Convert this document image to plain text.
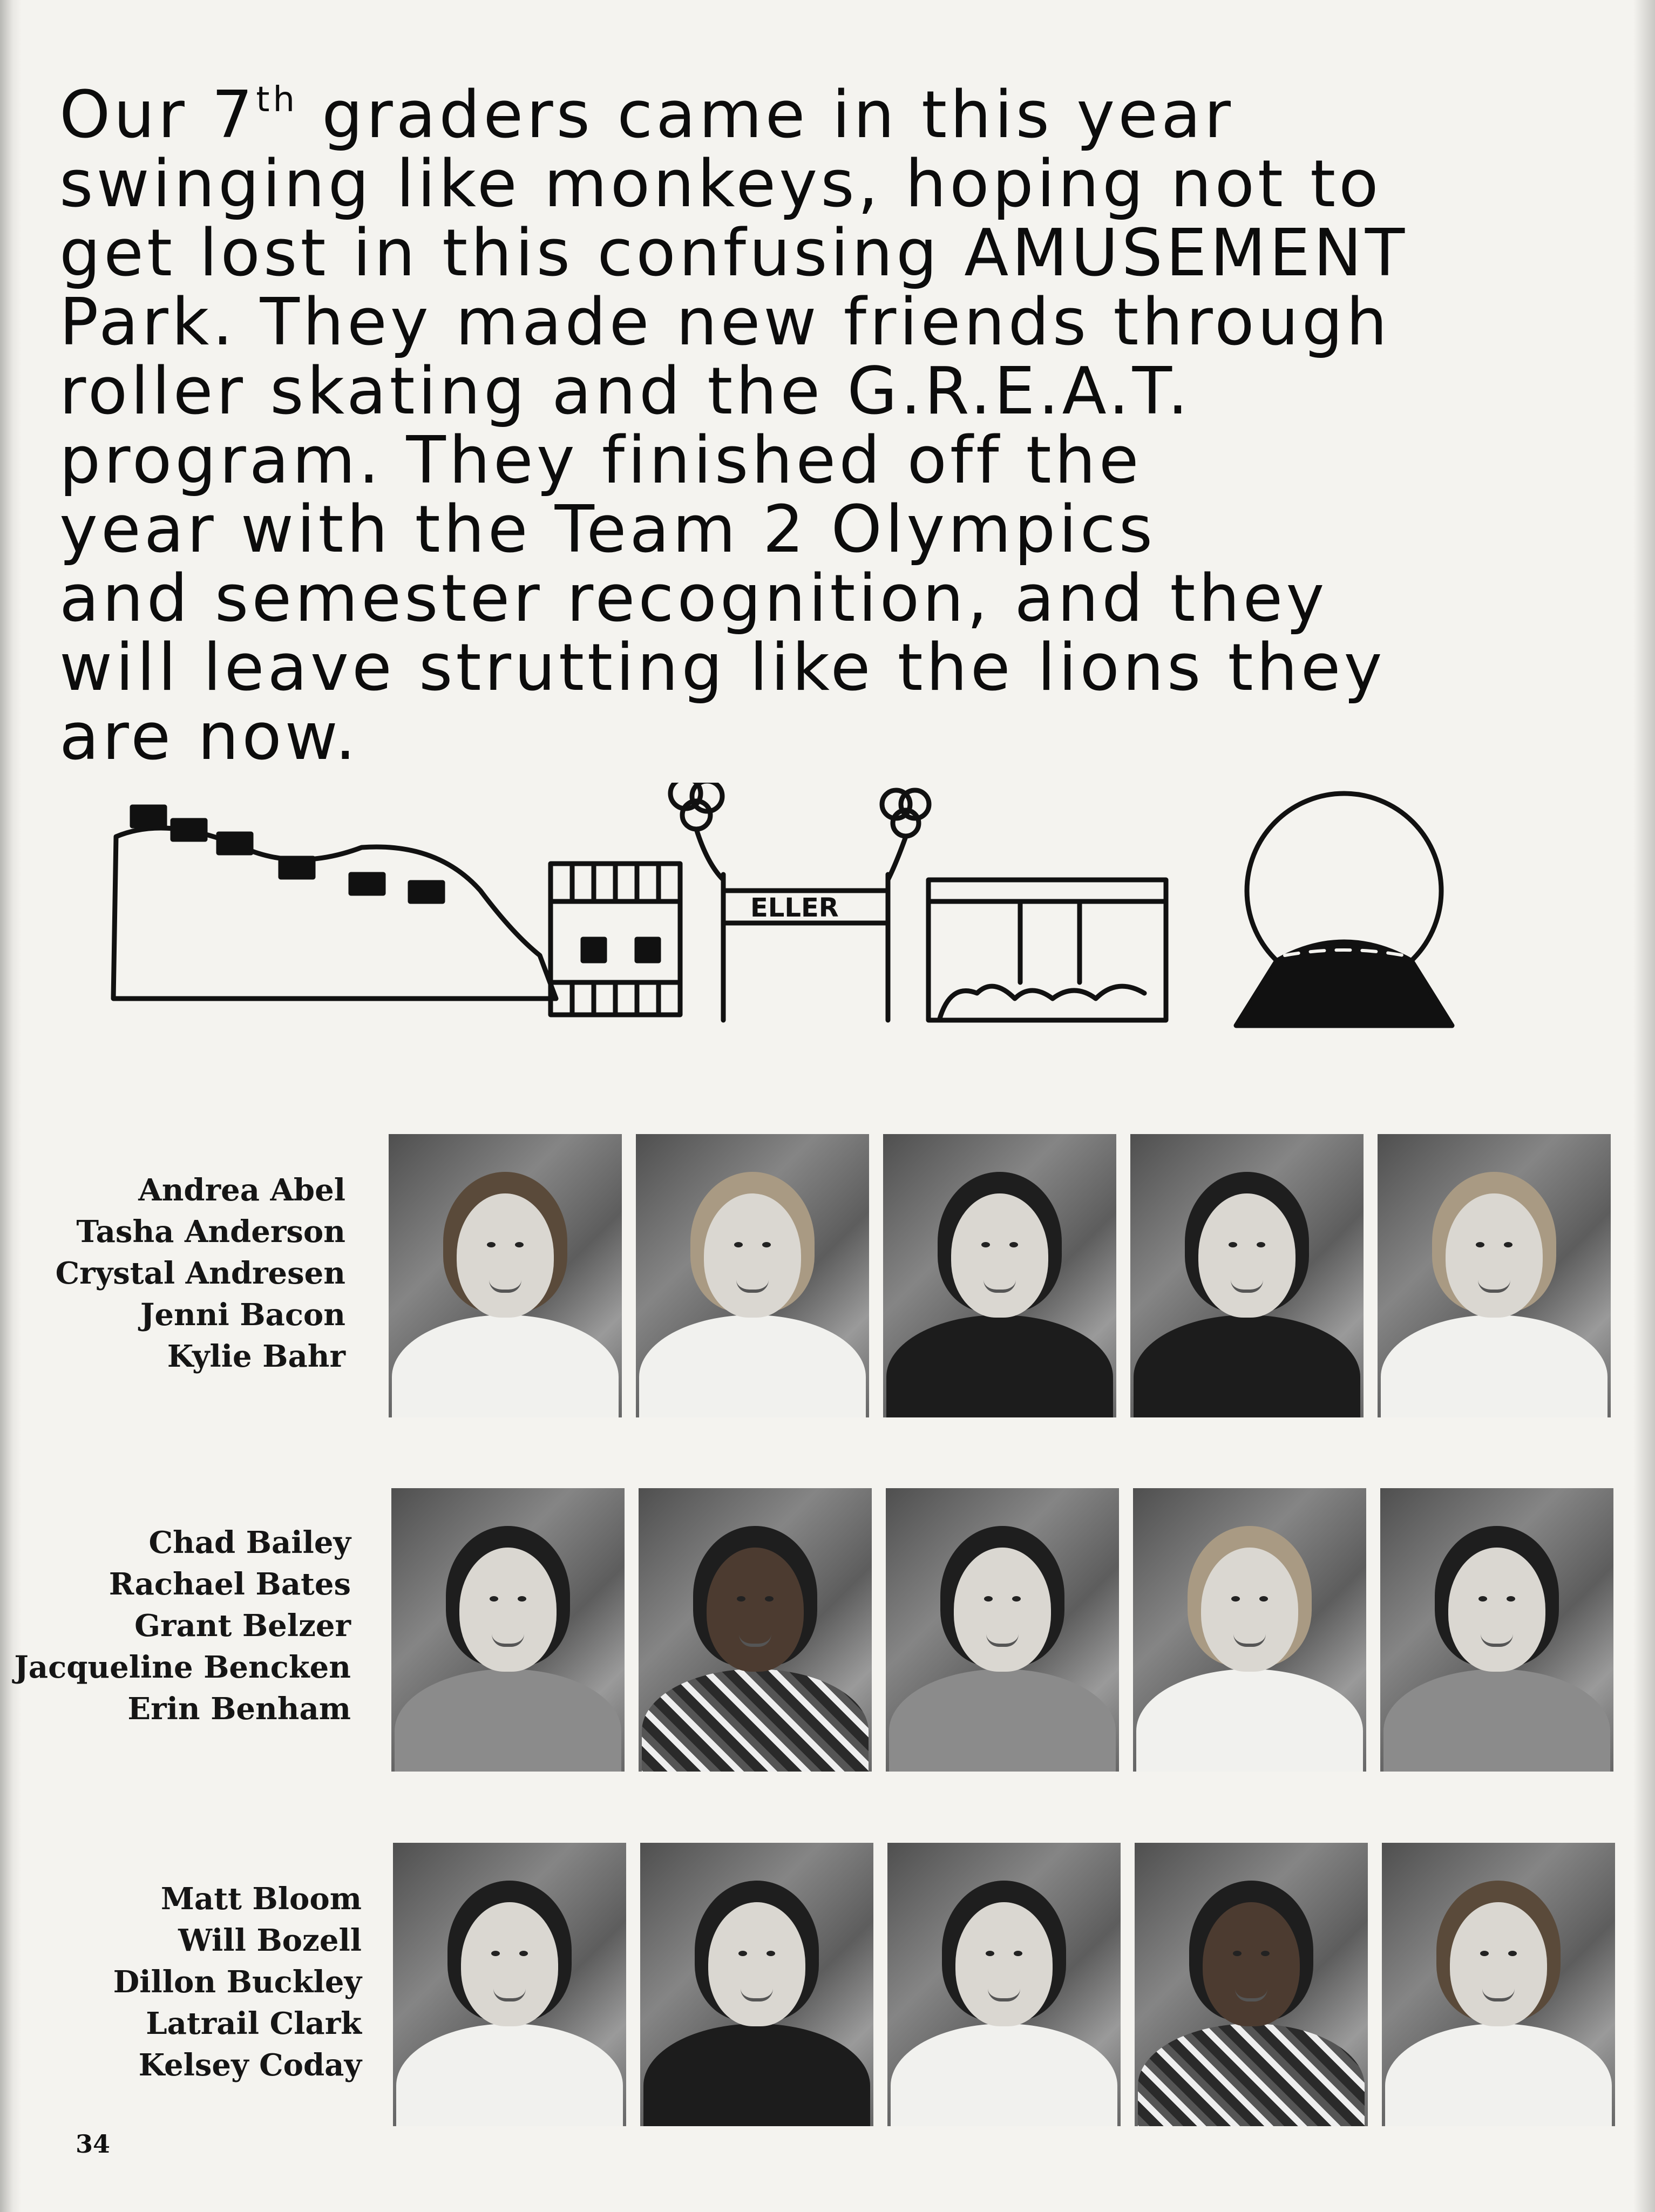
Our 7th graders came in this year
swinging like monkeys, hoping not to
get lost in this confusing AMUSEMENT
Park. They made new friends through
roller skating and the G.R.E.A.T.
program. They finished off the
year with the Team 2 Olympics
and semester recognition, and they
will leave strutting like the lions they
are now.
ELLER
Andrea Abel
Tasha Anderson
Crystal Andresen
Jenni Bacon
Kylie Bahr
Chad Bailey
Rachael Bates
Grant Belzer
Jacqueline Bencken
Erin Benham
Matt Bloom
Will Bozell
Dillon Buckley
Latrail Clark
Kelsey Coday
34
